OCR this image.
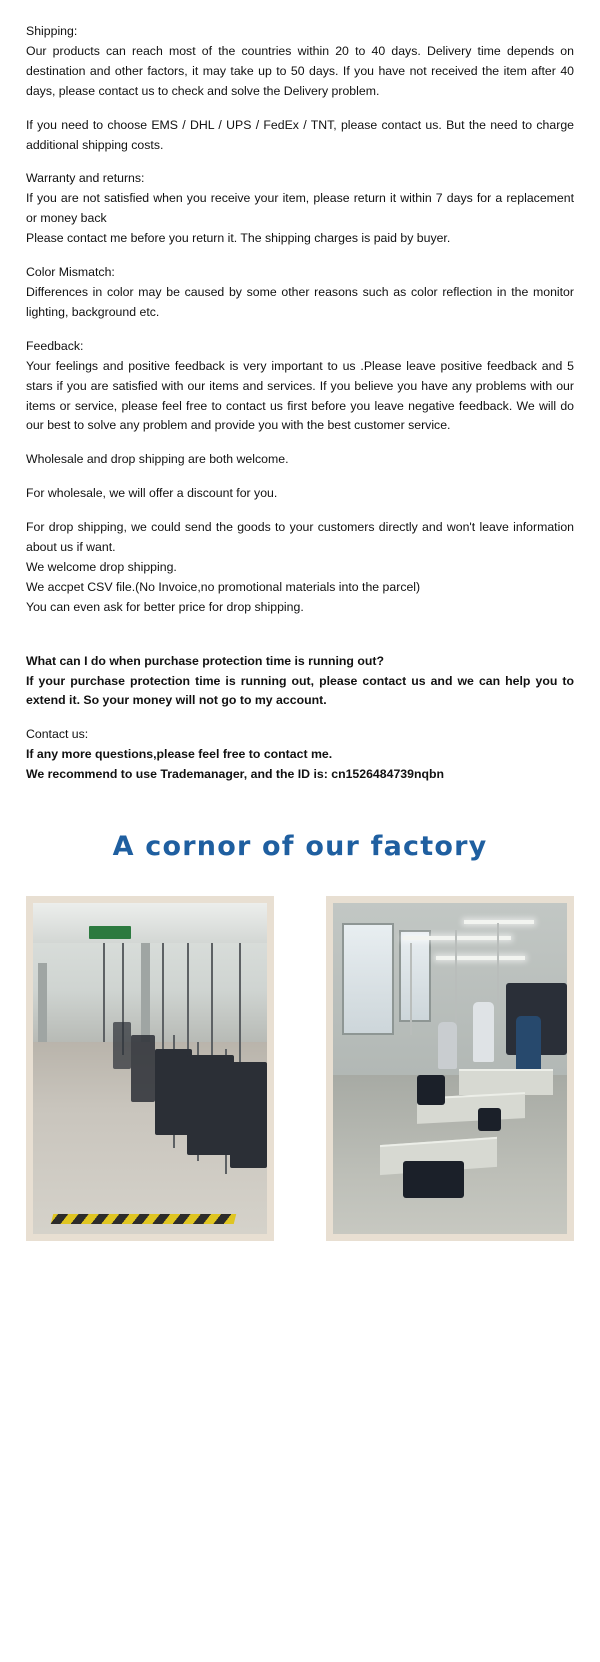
Shipping:

Our products can reach most of the countries within 20 to 40 days. Delivery time depends on destination and other factors, it may take up to 50 days. If you have not received the item after 40 days, please contact us to check and solve the Delivery problem.

If you need to choose EMS / DHL / UPS / FedEx / TNT, please contact us. But the need to charge additional shipping costs.

Warranty and returns:

If you are not satisfied when you receive your item, please return it within 7 days for a replacement or money back

Please contact me before you return it. The shipping charges is paid by buyer.

Color Mismatch:

Differences in color may be caused by some other reasons such as color reflection in the monitor lighting, background etc.

Feedback:

Your feelings and positive feedback is very important to us .Please leave positive feedback and 5 stars if you are satisfied with our items and services. If you believe you have any problems with our items or service, please feel free to contact us first before you leave negative feedback. We will do our best to solve any problem and provide you with the best customer service.

Wholesale and drop shipping are both welcome.

For wholesale, we will offer a discount for you.

For drop shipping, we could send the goods to your customers directly and won't leave information about us if want.

We welcome drop shipping.

We accpet CSV file.(No Invoice,no promotional materials into the parcel)

You can even ask for better price for drop shipping.

What can I do when purchase protection time is running out?

If your purchase protection time is running out, please contact us and we can help you to extend it. So your money will not go to my account.

Contact us:

If any more questions,please feel free to contact me.

We recommend to use Trademanager, and the ID is: cn1526484739nqbn

A cornor of our factory
